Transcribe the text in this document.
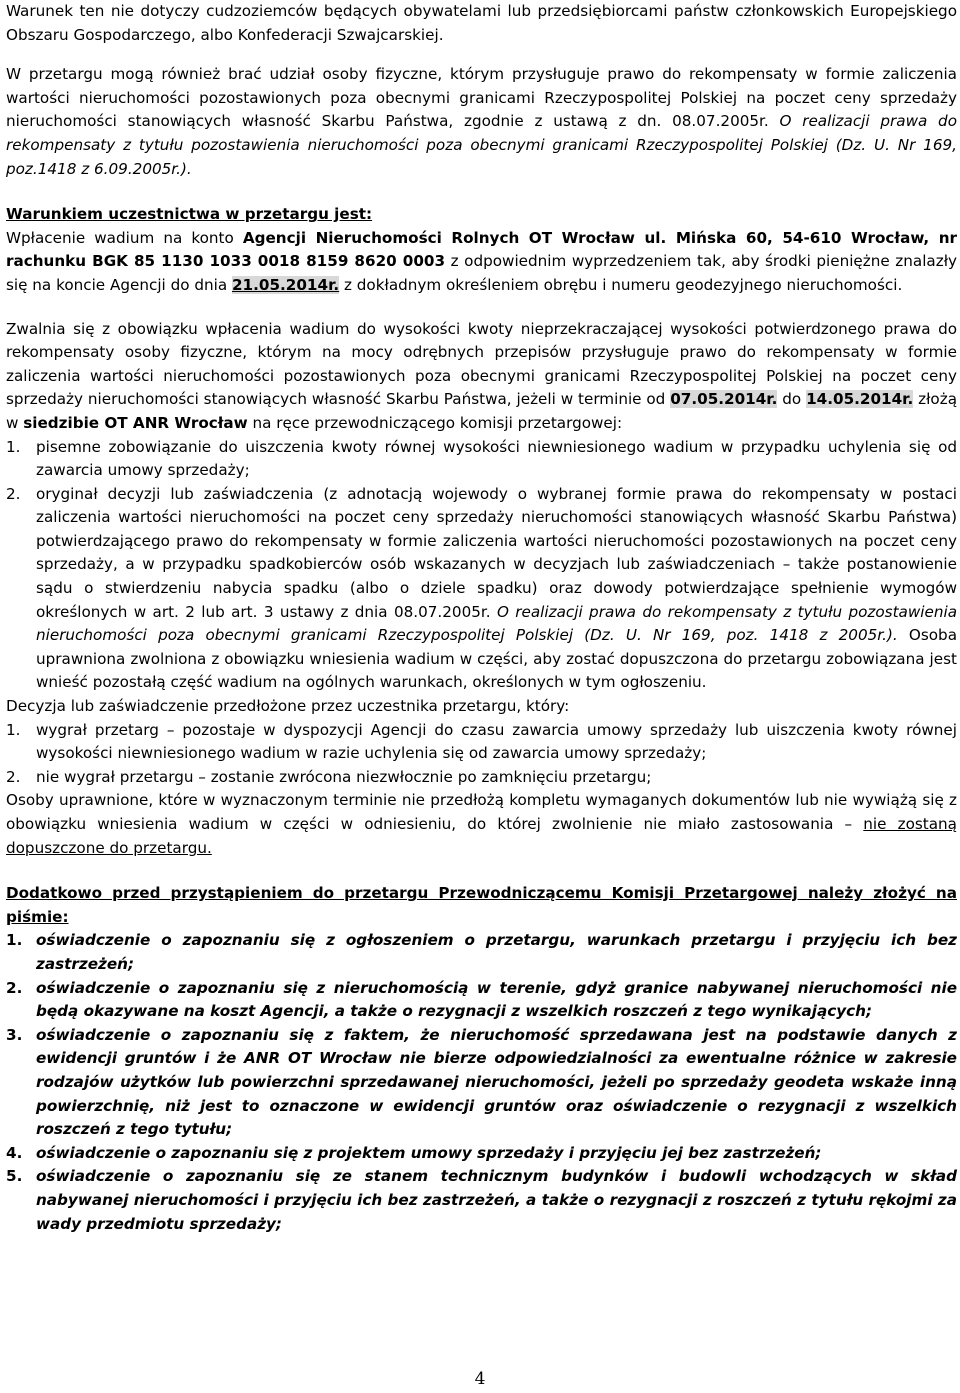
Warunek ten nie dotyczy cudzoziemców będących obywatelami lub przedsiębiorcami państw członkowskich Europejskiego Obszaru Gospodarczego, albo Konfederacji Szwajcarskiej.

W przetargu mogą również brać udział osoby fizyczne, którym przysługuje prawo do rekompensaty w formie zaliczenia wartości nieruchomości pozostawionych poza obecnymi granicami Rzeczypospolitej Polskiej na poczet ceny sprzedaży nieruchomości stanowiących własność Skarbu Państwa, zgodnie z ustawą z dn. 08.07.2005r. O realizacji prawa do rekompensaty z tytułu pozostawienia nieruchomości poza obecnymi granicami Rzeczypospolitej Polskiej (Dz. U. Nr 169, poz.1418 z 6.09.2005r.).

Warunkiem uczestnictwa w przetargu jest:

Wpłacenie wadium na konto Agencji Nieruchomości Rolnych OT Wrocław ul. Mińska 60, 54-610 Wrocław, nr rachunku BGK 85 1130 1033 0018 8159 8620 0003 z odpowiednim wyprzedzeniem tak, aby środki pieniężne znalazły się na koncie Agencji do dnia 21.05.2014r. z dokładnym określeniem obrębu i numeru geodezyjnego nieruchomości.

Zwalnia się z obowiązku wpłacenia wadium do wysokości kwoty nieprzekraczającej wysokości potwierdzonego prawa do rekompensaty osoby fizyczne, którym na mocy odrębnych przepisów przysługuje prawo do rekompensaty w formie zaliczenia wartości nieruchomości pozostawionych poza obecnymi granicami Rzeczypospolitej Polskiej na poczet ceny sprzedaży nieruchomości stanowiących własność Skarbu Państwa, jeżeli w terminie od 07.05.2014r. do 14.05.2014r. złożą w siedzibie OT ANR Wrocław na ręce przewodniczącego komisji przetargowej:

1.	pisemne zobowiązanie do uiszczenia kwoty równej wysokości niewniesionego wadium w przypadku uchylenia się od zawarcia umowy sprzedaży;
2.	oryginał decyzji lub zaświadczenia (z adnotacją wojewody o wybranej formie prawa do rekompensaty w postaci zaliczenia wartości nieruchomości na poczet ceny sprzedaży nieruchomości stanowiących własność Skarbu Państwa) potwierdzającego prawo do rekompensaty w formie zaliczenia wartości nieruchomości pozostawionych na poczet ceny sprzedaży, a w przypadku spadkobierców osób wskazanych w decyzjach lub zaświadczeniach – także postanowienie sądu o stwierdzeniu nabycia spadku (albo o dziele spadku) oraz dowody potwierdzające spełnienie wymogów określonych w art. 2 lub art. 3 ustawy z dnia 08.07.2005r. O realizacji prawa do rekompensaty z tytułu pozostawienia nieruchomości poza obecnymi granicami Rzeczypospolitej Polskiej (Dz. U. Nr 169, poz. 1418 z 2005r.). Osoba uprawniona zwolniona z obowiązku wniesienia wadium w części, aby zostać dopuszczona do przetargu zobowiązana jest wnieść pozostałą część wadium na ogólnych warunkach, określonych w tym ogłoszeniu.

Decyzja lub zaświadczenie przedłożone przez uczestnika przetargu, który:

1.	wygrał przetarg – pozostaje w dyspozycji Agencji do czasu zawarcia umowy sprzedaży lub uiszczenia kwoty równej wysokości niewniesionego wadium w razie uchylenia się od zawarcia umowy sprzedaży;
2.	nie wygrał przetargu – zostanie zwrócona niezwłocznie po zamknięciu przetargu;

Osoby uprawnione, które w wyznaczonym terminie nie przedłożą kompletu wymaganych dokumentów lub nie wywiążą się z obowiązku wniesienia wadium w części w odniesieniu, do której zwolnienie nie miało zastosowania – nie zostaną dopuszczone do przetargu.

Dodatkowo przed przystąpieniem do przetargu Przewodniczącemu Komisji Przetargowej należy złożyć na piśmie:

1. oświadczenie o zapoznaniu się z ogłoszeniem o przetargu, warunkach przetargu i przyjęciu ich bez zastrzeżeń;
2. oświadczenie o zapoznaniu się z nieruchomością w terenie, gdyż granice nabywanej nieruchomości nie będą okazywane na koszt Agencji, a także o rezygnacji z wszelkich roszczeń z tego wynikających;
3. oświadczenie o zapoznaniu się z faktem, że nieruchomość sprzedawana jest na podstawie danych z ewidencji gruntów i że ANR OT Wrocław nie bierze odpowiedzialności za ewentualne różnice w zakresie rodzajów użytków lub powierzchni sprzedawanej nieruchomości, jeżeli po sprzedaży geodeta wskaże inną powierzchnię, niż jest to oznaczone w ewidencji gruntów oraz oświadczenie o rezygnacji z wszelkich roszczeń z tego tytułu;
4. oświadczenie o zapoznaniu się z projektem umowy sprzedaży i przyjęciu jej bez zastrzeżeń;
5. oświadczenie o zapoznaniu się ze stanem technicznym budynków i budowli wchodzących w skład nabywanej nieruchomości i przyjęciu ich bez zastrzeżeń, a także o rezygnacji z roszczeń z tytułu rękojmi za wady przedmiotu sprzedaży;
4
